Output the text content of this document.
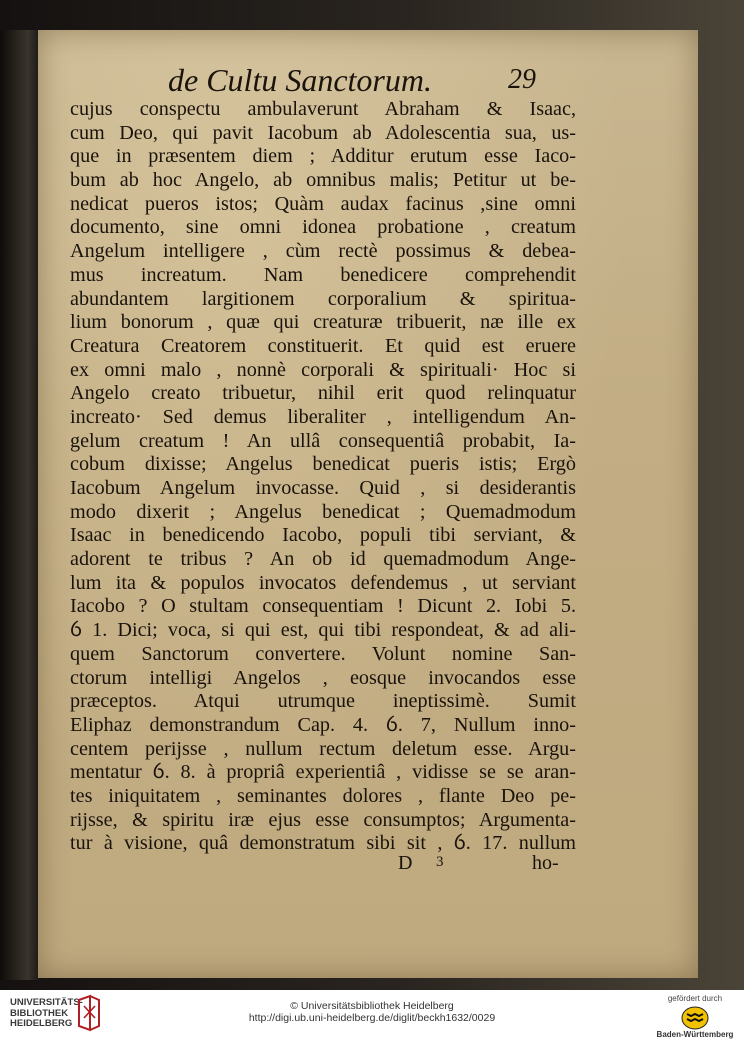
de Cultu Sanctorum.	29
cujus conspectu ambulaverunt Abraham & Isaac,
cum Deo, qui pavit Iacobum ab Adolescentia sua, us-
que in præsentem diem ; Additur erutum esse Iaco-
bum ab hoc Angelo, ab omnibus malis; Petitur ut be-
nedicat pueros istos; Quàm audax facinus ,sine omni
documento, sine omni idonea probatione , creatum
Angelum intelligere , cùm rectè possimus & debea-
mus increatum. Nam benedicere comprehendit
abundantem largitionem corporalium & spiritua-
lium bonorum , quæ qui creaturæ tribuerit, næ ille ex
Creatura Creatorem constituerit. Et quid est eruere
ex omni malo , nonnè corporali & spirituali· Hoc si
Angelo creato tribuetur, nihil erit quod relinquatur
increato· Sed demus liberaliter , intelligendum An-
gelum creatum ! An ullâ consequentiâ probabit, Ia-
cobum dixisse; Angelus benedicat pueris istis; Ergò
Iacobum Angelum invocasse. Quid , si desiderantis
modo dixerit ; Angelus benedicat ; Quemadmodum
Isaac in benedicendo Iacobo, populi tibi serviant, &
adorent te tribus ? An ob id quemadmodum Ange-
lum ita & populos invocatos defendemus , ut serviant
Iacobo ? O stultam consequentiam ! Dicunt 2. Iobi 5.
ỽ 1. Dici; voca, si qui est, qui tibi respondeat, & ad ali-
quem Sanctorum convertere. Volunt nomine San-
ctorum intelligi Angelos , eosque invocandos esse
præceptos. Atqui utrumque ineptissimè. Sumit
Eliphaz demonstrandum Cap. 4. ỽ. 7, Nullum inno-
centem perijsse , nullum rectum deletum esse. Argu-
mentatur ỽ. 8. à propriâ experientiâ , vidisse se se aran-
tes iniquitatem , seminantes dolores , flante Deo pe-
rijsse, & spiritu iræ ejus esse consumptos; Argumenta-
tur à visione, quâ demonstratum sibi sit , ỽ. 17. nullum
D 3	ho-
UNIVERSITÄTS-
BIBLIOTHEK
HEIDELBERG
© Universitätsbibliothek Heidelberg
http://digi.ub.uni-heidelberg.de/diglit/beckh1632/0029
gefördert durch
Baden-Württemberg
